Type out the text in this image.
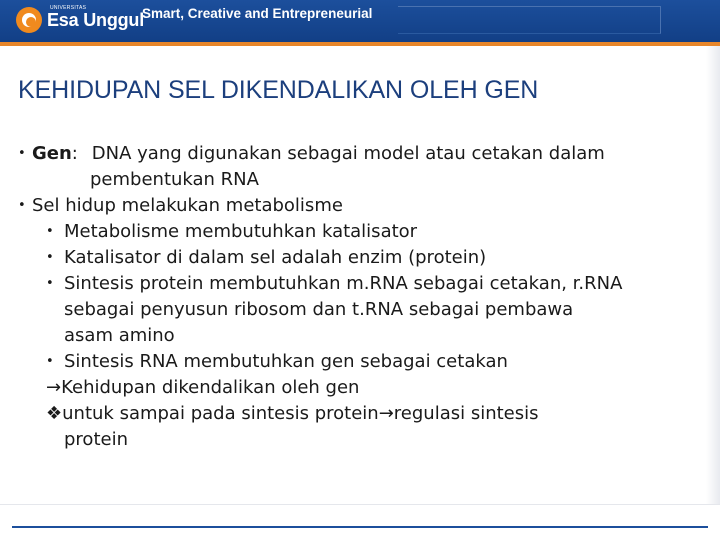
UNIVERSITAS
Esa Unggul
Smart, Creative and Entrepreneurial
KEHIDUPAN SEL DIKENDALIKAN OLEH GEN
• Gen: DNA yang digunakan sebagai model atau cetakan dalam
pembentukan RNA
• Sel hidup melakukan metabolisme
• Metabolisme membutuhkan katalisator
• Katalisator di dalam sel adalah enzim (protein)
• Sintesis protein membutuhkan m.RNA sebagai cetakan, r.RNA
sebagai penyusun ribosom dan t.RNA sebagai pembawa
asam amino
• Sintesis RNA membutuhkan gen sebagai cetakan
→Kehidupan dikendalikan oleh gen
❖untuk sampai pada sintesis protein→regulasi sintesis
protein
